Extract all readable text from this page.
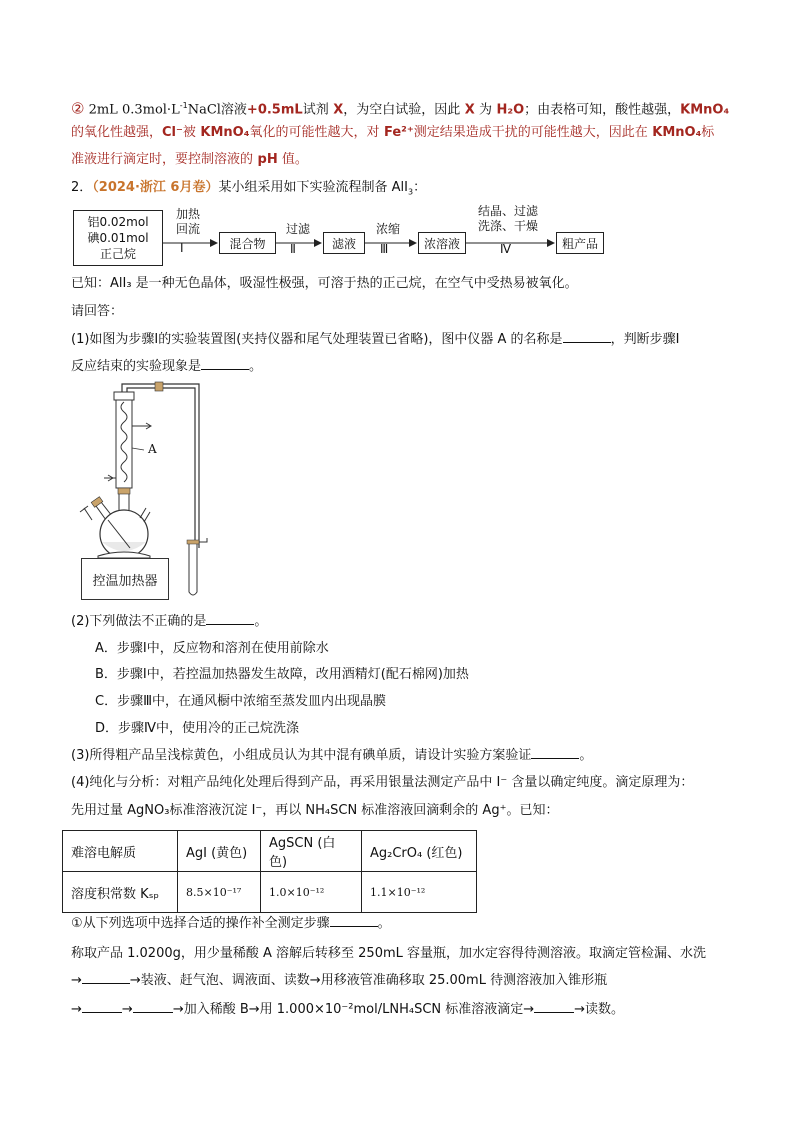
② 2mL $0.3mol\cdot L^{-1}NaCl$溶液+0.5mL试剂 X，为空白试验，因此 X 为 H₂O；由表格可知，酸性越强，KMnO₄
的氧化性越强，Cl⁻被 KMnO₄氧化的可能性越大，对 Fe²⁺测定结果造成干扰的可能性越大，因此在 KMnO₄标
准液进行滴定时，要控制溶液的 pH 值。
2．（2024·浙江 6月卷）某小组采用如下实验流程制备 AlI$_3$：
铝0.02mol
碘0.01mol
正己烷
加热
回流
Ⅰ	混合物
过滤
Ⅱ	滤液
浓缩
Ⅲ	浓溶液
结晶、过滤
洗涤、干燥
Ⅳ	粗产品
已知：AlI₃ 是一种无色晶体，吸湿性极强，可溶于热的正己烷，在空气中受热易被氧化。
请回答：
(1)如图为步骤Ⅰ的实验装置图(夹持仪器和尾气处理装置已省略)，图中仪器 A 的名称是	，判断步骤Ⅰ
反应结束的实验现象是	。
A
控温加热器
(2)下列做法不正确的是	。
A．步骤Ⅰ中，反应物和溶剂在使用前除水
B．步骤Ⅰ中，若控温加热器发生故障，改用酒精灯(配石棉网)加热
C．步骤Ⅲ中，在通风橱中浓缩至蒸发皿内出现晶膜
D．步骤Ⅳ中，使用冷的正己烷洗涤
(3)所得粗产品呈浅棕黄色，小组成员认为其中混有碘单质，请设计实验方案验证	。
(4)纯化与分析：对粗产品纯化处理后得到产品，再采用银量法测定产品中 I⁻ 含量以确定纯度。滴定原理为：
先用过量 AgNO₃标准溶液沉淀 I⁻，再以 NH₄SCN 标准溶液回滴剩余的 Ag⁺。已知：
难溶电解质	AgI (黄色)	AgSCN (白色)	Ag₂CrO₄ (红色)
溶度积常数 Kₛₚ	8.5×10⁻¹⁷	1.0×10⁻¹²	1.1×10⁻¹²
①从下列选项中选择合适的操作补全测定步骤	。
称取产品 1.0200g，用少量稀酸 A 溶解后转移至 250mL 容量瓶，加水定容得待测溶液。取滴定管检漏、水洗
→	→装液、赶气泡、调液面、读数→用移液管准确移取 25.00mL 待测溶液加入锥形瓶
→	→	→加入稀酸 B→用 1.000×10⁻²mol/LNH₄SCN 标准溶液滴定→	→读数。
